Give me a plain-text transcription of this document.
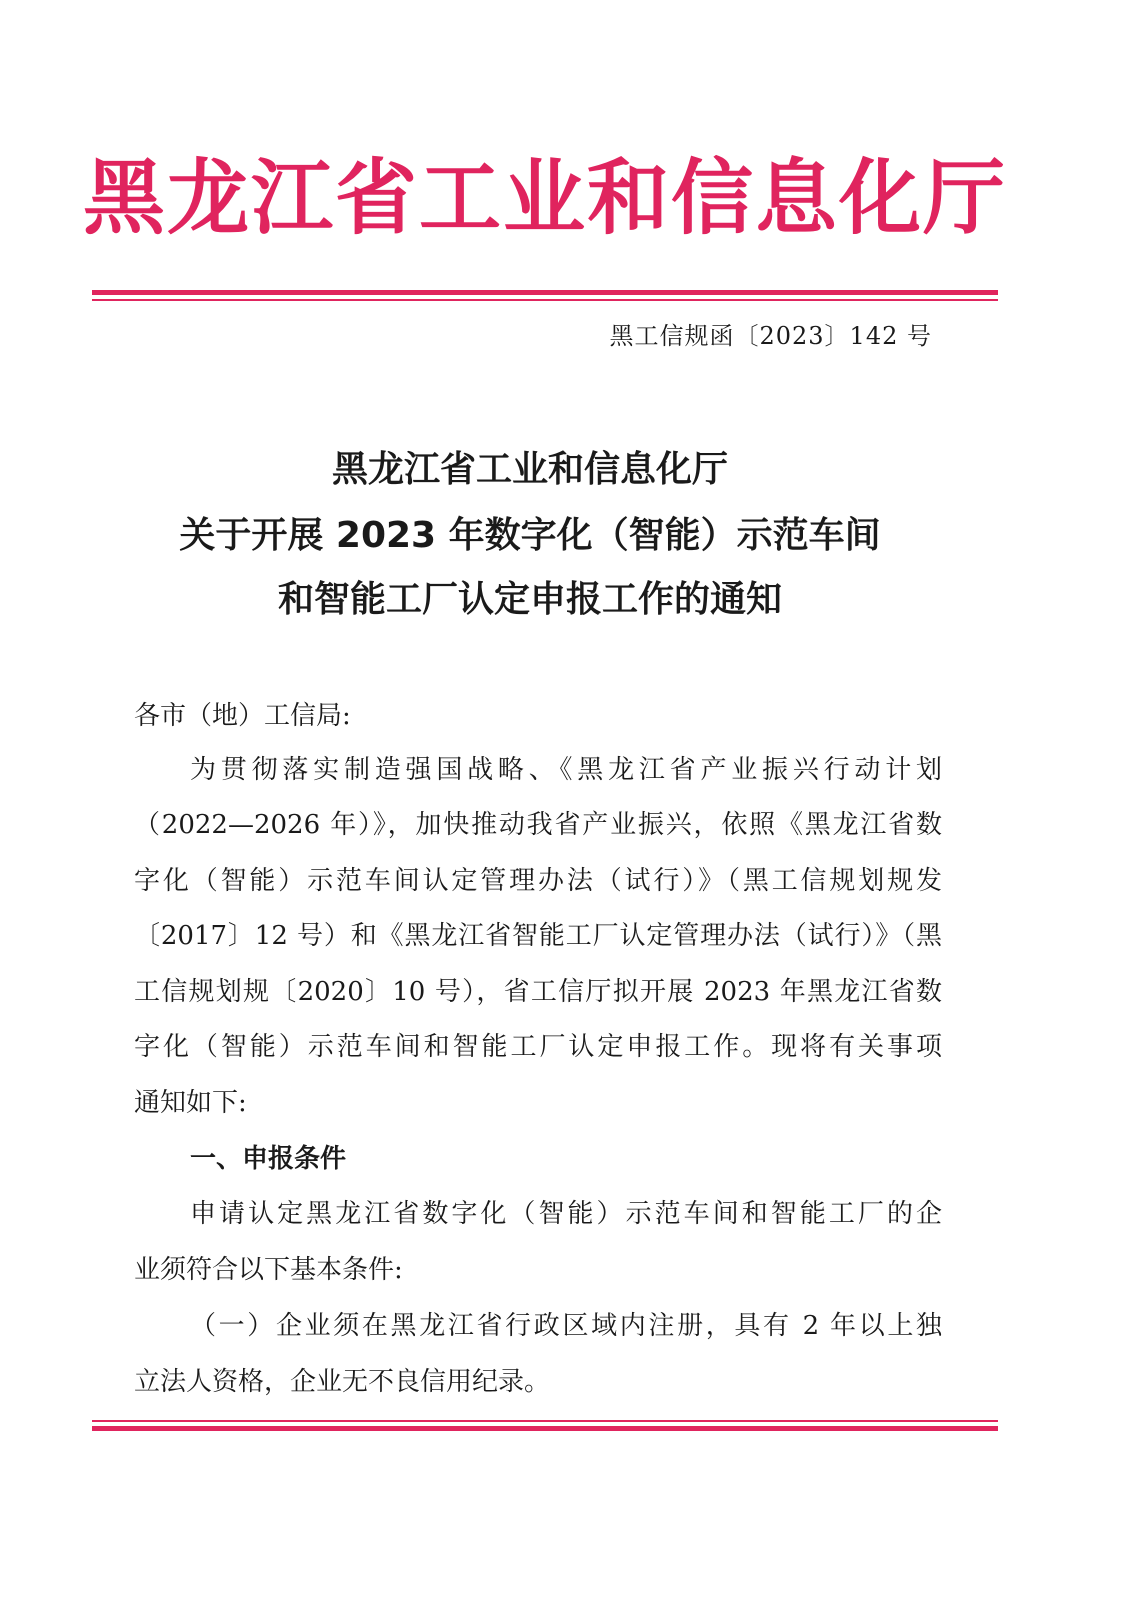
黑龙江省工业和信息化厅
黑工信规函〔2023〕142 号
黑龙江省工业和信息化厅
关于开展 2023 年数字化（智能）示范车间
和智能工厂认定申报工作的通知
各市（地）工信局:
为贯彻落实制造强国战略、《黑龙江省产业振兴行动计划
（2022—2026 年）》，加快推动我省产业振兴，依照《黑龙江省数
字化（智能）示范车间认定管理办法（试行）》（黑工信规划规发
〔2017〕12 号）和《黑龙江省智能工厂认定管理办法（试行）》（黑
工信规划规〔2020〕10 号），省工信厅拟开展 2023 年黑龙江省数
字化（智能）示范车间和智能工厂认定申报工作。现将有关事项
通知如下:
一、申报条件
申请认定黑龙江省数字化（智能）示范车间和智能工厂的企
业须符合以下基本条件:
（一）企业须在黑龙江省行政区域内注册，具有 2 年以上独
立法人资格，企业无不良信用纪录。
